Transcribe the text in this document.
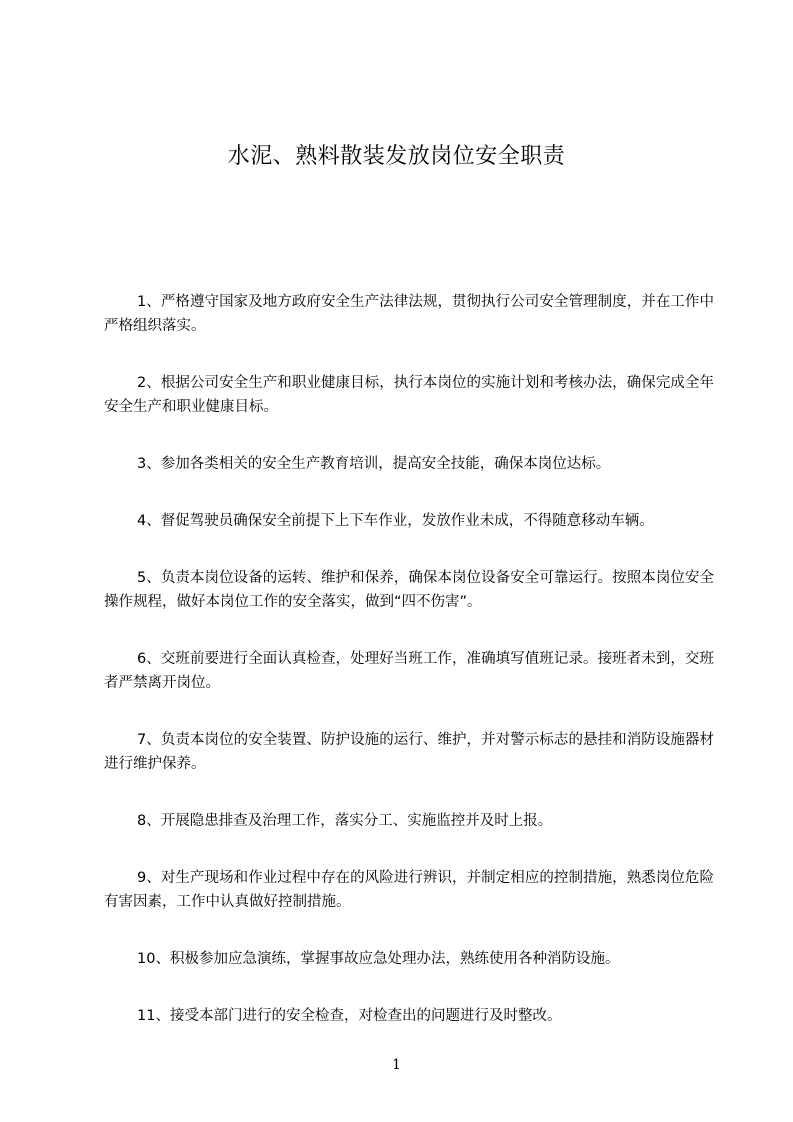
水泥、熟料散装发放岗位安全职责

1、严格遵守国家及地方政府安全生产法律法规，贯彻执行公司安全管理制度，并在工作中严格组织落实。

2、根据公司安全生产和职业健康目标，执行本岗位的实施计划和考核办法，确保完成全年安全生产和职业健康目标。

3、参加各类相关的安全生产教育培训，提高安全技能，确保本岗位达标。

4、督促驾驶员确保安全前提下上下车作业，发放作业未成，不得随意移动车辆。

5、负责本岗位设备的运转、维护和保养，确保本岗位设备安全可靠运行。按照本岗位安全操作规程，做好本岗位工作的安全落实，做到“四不伤害”。

6、交班前要进行全面认真检查，处理好当班工作，准确填写值班记录。接班者未到，交班者严禁离开岗位。

7、负责本岗位的安全装置、防护设施的运行、维护，并对警示标志的悬挂和消防设施器材进行维护保养。

8、开展隐患排查及治理工作，落实分工、实施监控并及时上报。

9、对生产现场和作业过程中存在的风险进行辨识，并制定相应的控制措施，熟悉岗位危险有害因素，工作中认真做好控制措施。

10、积极参加应急演练，掌握事故应急处理办法，熟练使用各种消防设施。

11、接受本部门进行的安全检查，对检查出的问题进行及时整改。

1
